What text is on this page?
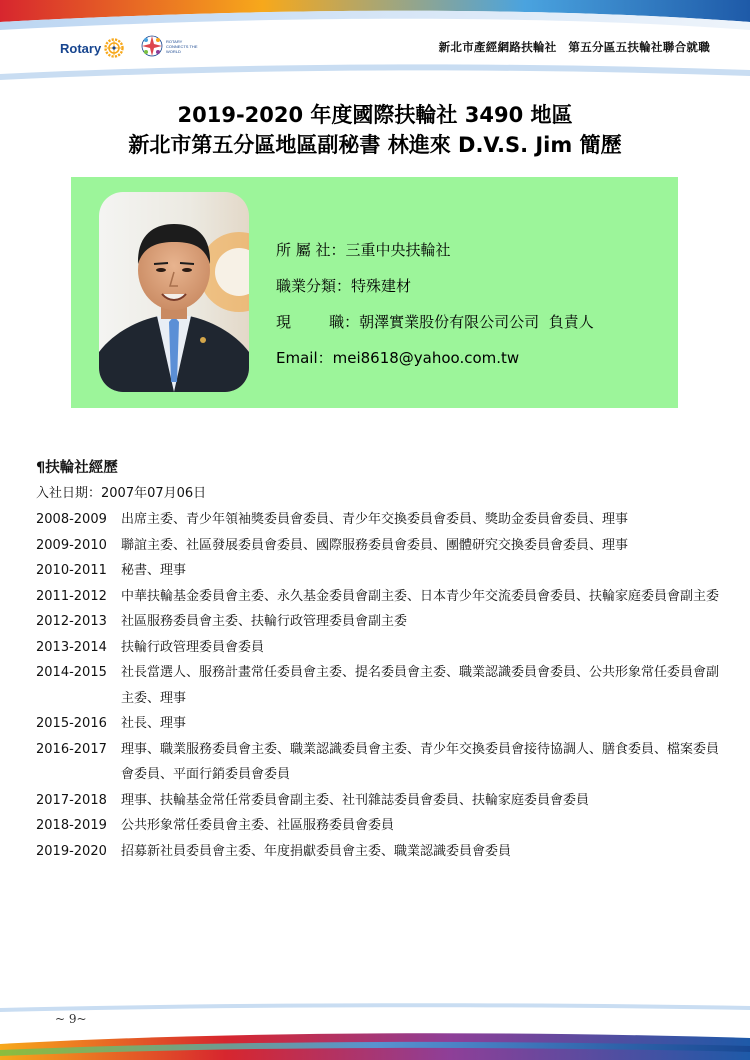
Rotary	ROTARY CONNECTS THE WORLD	新北市產經網路扶輪社　第五分區五扶輪社聯合就職
2019-2020 年度國際扶輪社 3490 地區
新北市第五分區地區副秘書 林進來 D.V.S. Jim 簡歷
所 屬 社：三重中央扶輪社
職業分類：特殊建材
現        職：朝澤實業股份有限公司公司  負責人
Email：mei8618@yahoo.com.tw
¶扶輪社經歷
入社日期：2007年07月06日
2008-2009	出席主委、青少年領袖獎委員會委員、青少年交換委員會委員、獎助金委員會委員、理事
2009-2010	聯誼主委、社區發展委員會委員、國際服務委員會委員、團體研究交換委員會委員、理事
2010-2011	秘書、理事
2011-2012	中華扶輪基金委員會主委、永久基金委員會副主委、日本青少年交流委員會委員、扶輪家庭委員會副主委
2012-2013	社區服務委員會主委、扶輪行政管理委員會副主委
2013-2014	扶輪行政管理委員會委員
2014-2015	社長當選人、服務計畫常任委員會主委、提名委員會主委、職業認識委員會委員、公共形象常任委員會副主委、理事
2015-2016	社長、理事
2016-2017	理事、職業服務委員會主委、職業認識委員會主委、青少年交換委員會接待協調人、膳食委員、檔案委員會委員、平面行銷委員會委員
2017-2018	理事、扶輪基金常任常委員會副主委、社刊雜誌委員會委員、扶輪家庭委員會委員
2018-2019	公共形象常任委員會主委、社區服務委員會委員
2019-2020	招募新社員委員會主委、年度捐獻委員會主委、職業認識委員會委員
~ 9~
